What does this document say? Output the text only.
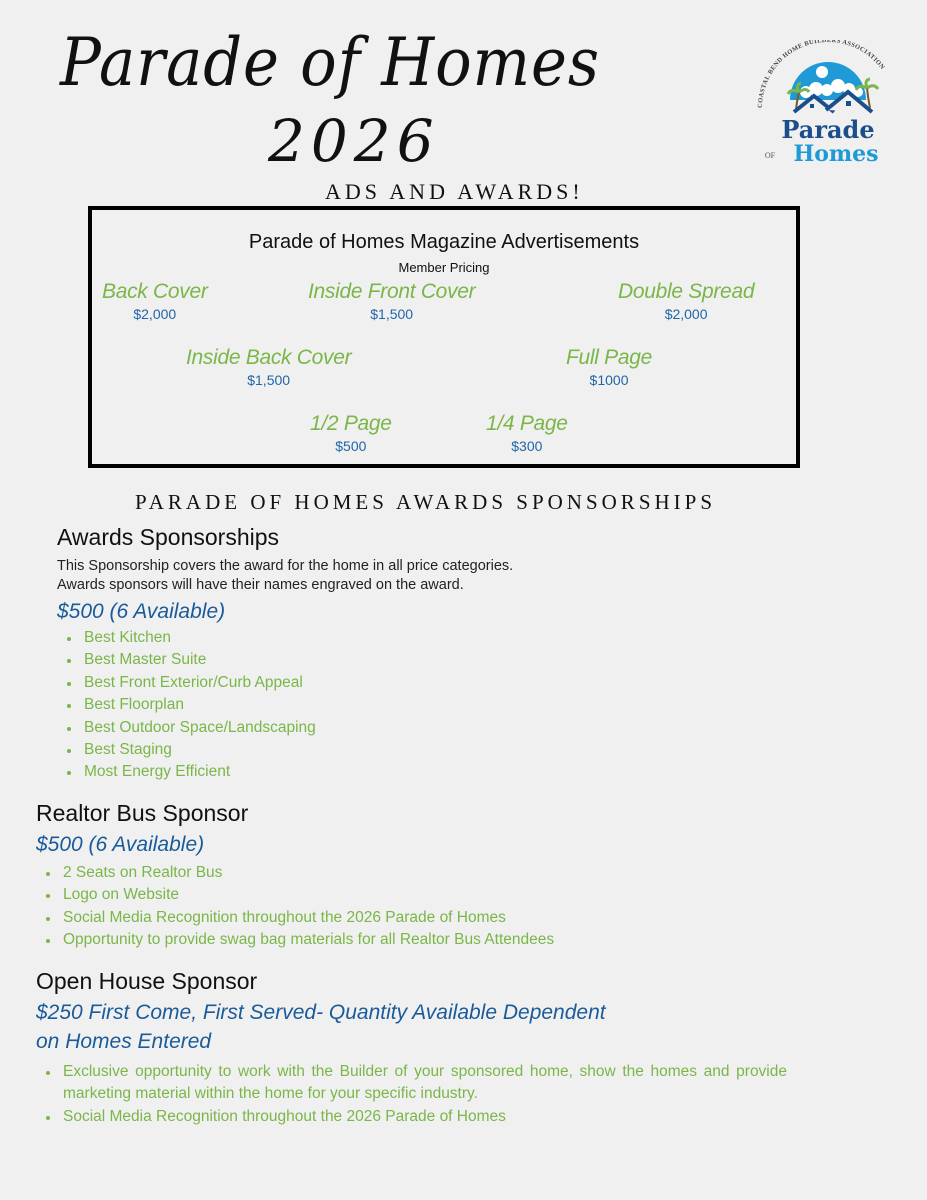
Parade of Homes
2026
ADS AND AWARDS!
COASTAL BEND HOME BUILDERS ASSOCIATION
Parade
OF Homes
Parade of Homes Magazine Advertisements
Member Pricing
Back Cover
$2,000
Inside Front Cover
$1,500
Double Spread
$2,000
Inside Back Cover
$1,500
Full Page
$1000
1/2 Page
$500
1/4 Page
$300
PARADE OF HOMES AWARDS SPONSORSHIPS
Awards Sponsorships
This Sponsorship covers the award for the home in all price categories.
Awards sponsors will have their names engraved on the award.
$500 (6 Available)
Best Kitchen
Best Master Suite
Best Front Exterior/Curb Appeal
Best Floorplan
Best Outdoor Space/Landscaping
Best Staging
Most Energy Efficient
Realtor Bus Sponsor
$500 (6 Available)
2 Seats on Realtor Bus
Logo on Website
Social Media Recognition throughout the 2026 Parade of Homes
Opportunity to provide swag bag materials for all Realtor Bus Attendees
Open House Sponsor
$250 First Come, First Served- Quantity Available Dependent
on Homes Entered
Exclusive opportunity to work with the Builder of your sponsored home, show the homes and provide marketing material within the home for your specific industry.
Social Media Recognition throughout the 2026 Parade of Homes
